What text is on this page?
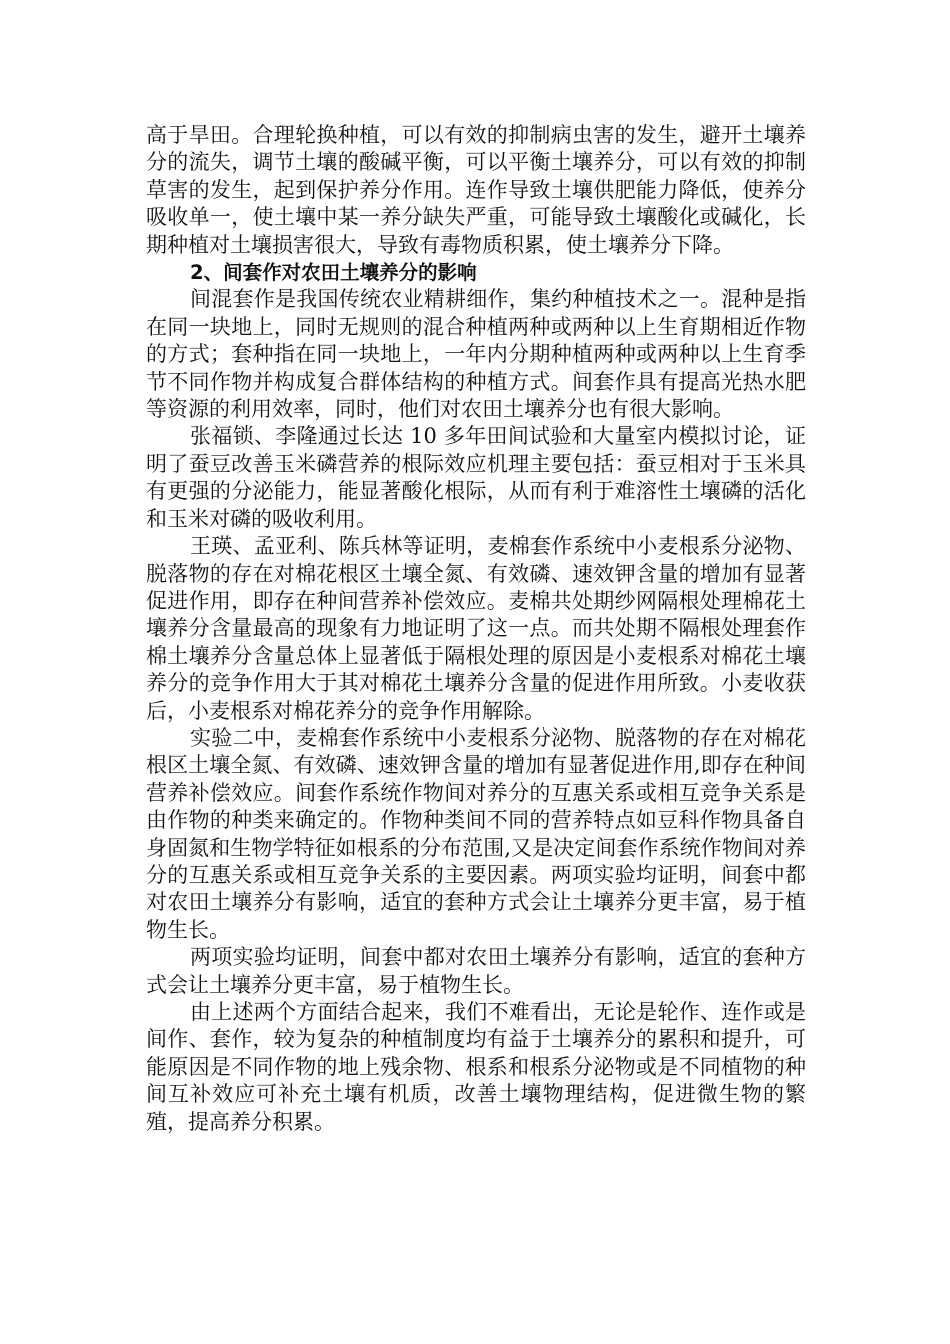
高于旱田。合理轮换种植，可以有效的抑制病虫害的发生，避开土壤养分的流失，调节土壤的酸碱平衡，可以平衡土壤养分，可以有效的抑制草害的发生，起到保护养分作用。连作导致土壤供肥能力降低，使养分吸收单一，使土壤中某一养分缺失严重，可能导致土壤酸化或碱化，长期种植对土壤损害很大，导致有毒物质积累，使土壤养分下降。

2、间套作对农田土壤养分的影响

间混套作是我国传统农业精耕细作，集约种植技术之一。混种是指在同一块地上，同时无规则的混合种植两种或两种以上生育期相近作物的方式；套种指在同一块地上，一年内分期种植两种或两种以上生育季节不同作物并构成复合群体结构的种植方式。间套作具有提高光热水肥等资源的利用效率，同时，他们对农田土壤养分也有很大影响。

张福锁、李隆通过长达 10 多年田间试验和大量室内模拟讨论，证明了蚕豆改善玉米磷营养的根际效应机理主要包括：蚕豆相对于玉米具有更强的分泌能力，能显著酸化根际，从而有利于难溶性土壤磷的活化和玉米对磷的吸收利用。

王瑛、孟亚利、陈兵林等证明，麦棉套作系统中小麦根系分泌物、脱落物的存在对棉花根区土壤全氮、有效磷、速效钾含量的增加有显著促进作用，即存在种间营养补偿效应。麦棉共处期纱网隔根处理棉花土壤养分含量最高的现象有力地证明了这一点。而共处期不隔根处理套作棉土壤养分含量总体上显著低于隔根处理的原因是小麦根系对棉花土壤养分的竞争作用大于其对棉花土壤养分含量的促进作用所致。小麦收获后，小麦根系对棉花养分的竞争作用解除。

实验二中，麦棉套作系统中小麦根系分泌物、脱落物的存在对棉花根区土壤全氮、有效磷、速效钾含量的增加有显著促进作用,即存在种间营养补偿效应。间套作系统作物间对养分的互惠关系或相互竞争关系是由作物的种类来确定的。作物种类间不同的营养特点如豆科作物具备自身固氮和生物学特征如根系的分布范围,又是决定间套作系统作物间对养分的互惠关系或相互竞争关系的主要因素。两项实验均证明，间套中都对农田土壤养分有影响，适宜的套种方式会让土壤养分更丰富，易于植物生长。

两项实验均证明，间套中都对农田土壤养分有影响，适宜的套种方式会让土壤养分更丰富，易于植物生长。

由上述两个方面结合起来，我们不难看出，无论是轮作、连作或是间作、套作，较为复杂的种植制度均有益于土壤养分的累积和提升，可能原因是不同作物的地上残余物、根系和根系分泌物或是不同植物的种间互补效应可补充土壤有机质，改善土壤物理结构，促进微生物的繁殖，提高养分积累。
